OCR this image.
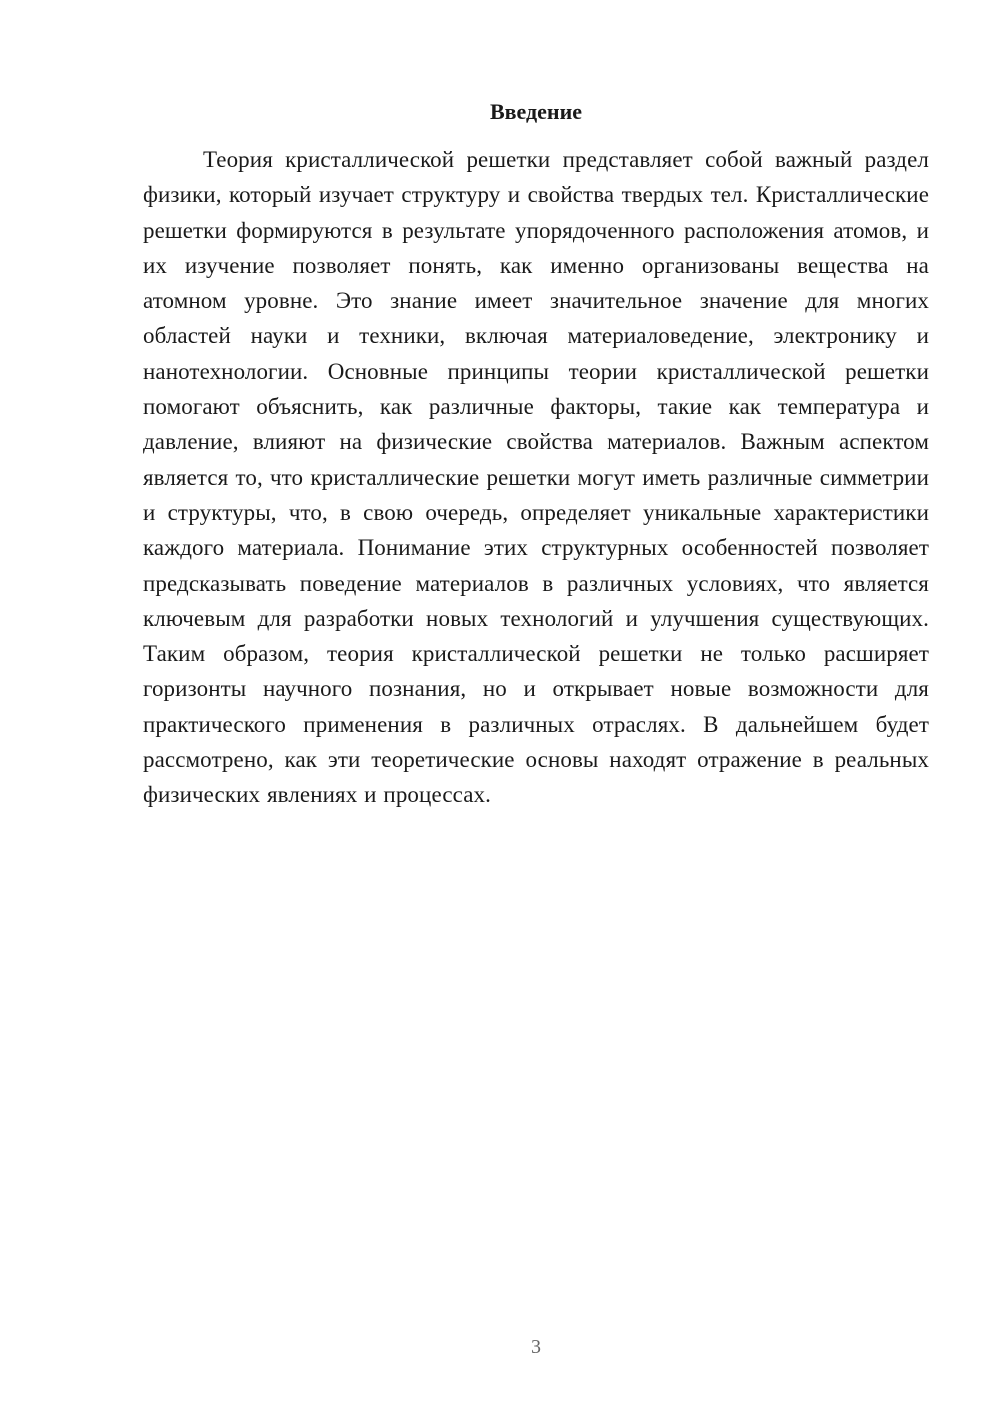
Введение

Теория кристаллической решетки представляет собой важный раздел физики, который изучает структуру и свойства твердых тел. Кристаллические решетки формируются в результате упорядоченного расположения атомов, и их изучение позволяет понять, как именно организованы вещества на атомном уровне. Это знание имеет значительное значение для многих областей науки и техники, включая материаловедение, электронику и нанотехнологии. Основные принципы теории кристаллической решетки помогают объяснить, как различные факторы, такие как температура и давление, влияют на физические свойства материалов. Важным аспектом является то, что кристаллические решетки могут иметь различные симметрии и структуры, что, в свою очередь, определяет уникальные характеристики каждого материала. Понимание этих структурных особенностей позволяет предсказывать поведение материалов в различных условиях, что является ключевым для разработки новых технологий и улучшения существующих. Таким образом, теория кристаллической решетки не только расширяет горизонты научного познания, но и открывает новые возможности для практического применения в различных отраслях. В дальнейшем будет рассмотрено, как эти теоретические основы находят отражение в реальных физических явлениях и процессах.

3
